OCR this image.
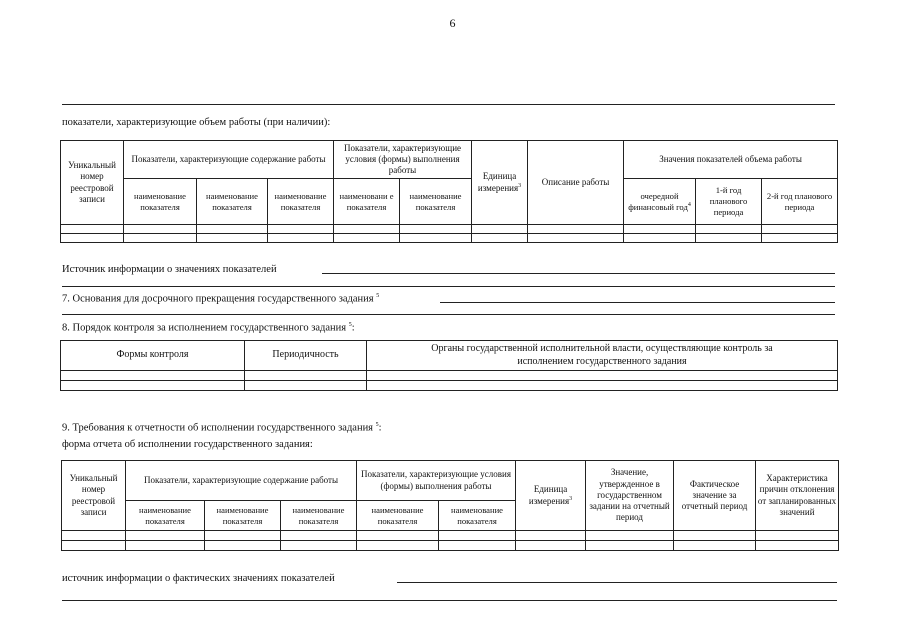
6
показатели, характеризующие объем работы (при наличии):
Уникальный номер реестровой записи	Показатели, характеризующие содержание работы			Показатели, характеризующие условия (формы) выполнения работы		Единица измерения$^3$	Описание работы	Значения показателей объема работы		
	наименование показателя	наименование показателя	наименование показателя	наименовани е показателя	наименование показателя			очередной финансовый год$^4$	1-й год планового периода	2-й год планового периода

Источник информации о значениях показателей
7. Основания для досрочного прекращения государственного задания $^5$
8. Порядок контроля за исполнением государственного задания $^5$:
Формы контроля	Периодичность	Органы государственной исполнительной власти, осуществляющие контроль за исполнением государственного задания

9. Требования к отчетности об исполнении государственного задания $^5$:
форма отчета об исполнении государственного задания:
Уникальный номер реестровой записи	Показатели, характеризующие содержание работы			Показатели, характеризующие условия (формы) выполнения работы		Единица измерения$^3$	Значение, утвержденное в государственном задании на отчетный период	Фактическое значение за отчетный период	Характеристика причин отклонения от запланированных значений
	наименование показателя	наименование показателя	наименование показателя	наименование показателя	наименование показателя				

источник информации о фактических значениях показателей
